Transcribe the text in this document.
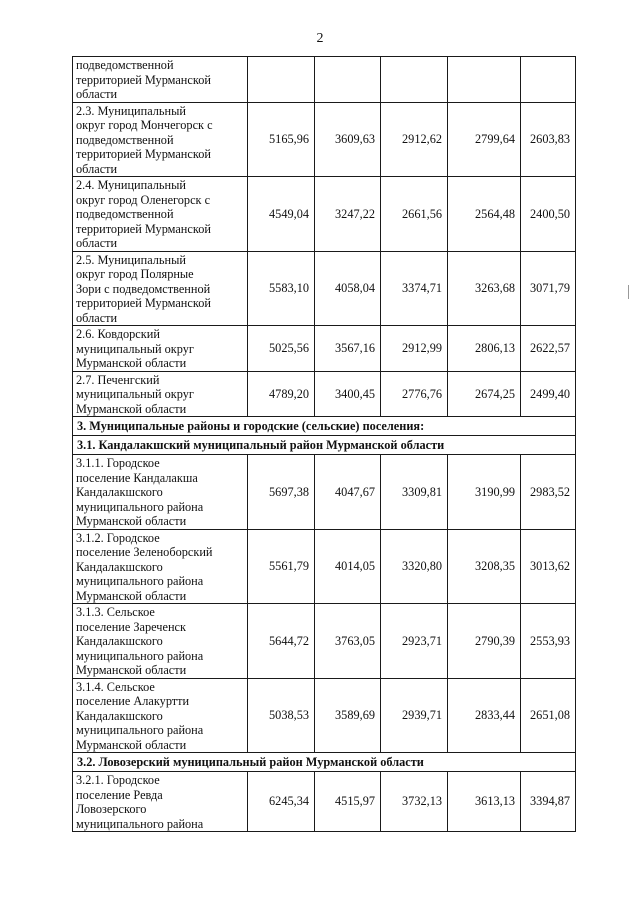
2
подведомственной
территорией Мурманской
области					

2.3. Муниципальный
округ город Мончегорск с
подведомственной
территорией Мурманской
области	5165,96	3609,63	2912,62	2799,64	2603,83

2.4. Муниципальный
округ город Оленегорск с
подведомственной
территорией Мурманской
области	4549,04	3247,22	2661,56	2564,48	2400,50

2.5. Муниципальный
округ город Полярные
Зори с подведомственной
территорией Мурманской
области	5583,10	4058,04	3374,71	3263,68	3071,79

2.6. Ковдорский
муниципальный округ
Мурманской области	5025,56	3567,16	2912,99	2806,13	2622,57

2.7. Печенгский
муниципальный округ
Мурманской области	4789,20	3400,45	2776,76	2674,25	2499,40
3. Муниципальные районы и городские (сельские) поселения:					
3.1. Кандалакшский муниципальный район Мурманской области					

3.1.1. Городское
поселение Кандалакша
Кандалакшского
муниципального района
Мурманской области	5697,38	4047,67	3309,81	3190,99	2983,52

3.1.2. Городское
поселение Зеленоборский
Кандалакшского
муниципального района
Мурманской области	5561,79	4014,05	3320,80	3208,35	3013,62

3.1.3. Сельское
поселение Зареченск
Кандалакшского
муниципального района
Мурманской области	5644,72	3763,05	2923,71	2790,39	2553,93

3.1.4. Сельское
поселение Алакуртти
Кандалакшского
муниципального района
Мурманской области	5038,53	3589,69	2939,71	2833,44	2651,08
3.2. Ловозерский муниципальный район Мурманской области					

3.2.1. Городское
поселение Ревда
Ловозерского
муниципального района	6245,34	4515,97	3732,13	3613,13	3394,87
